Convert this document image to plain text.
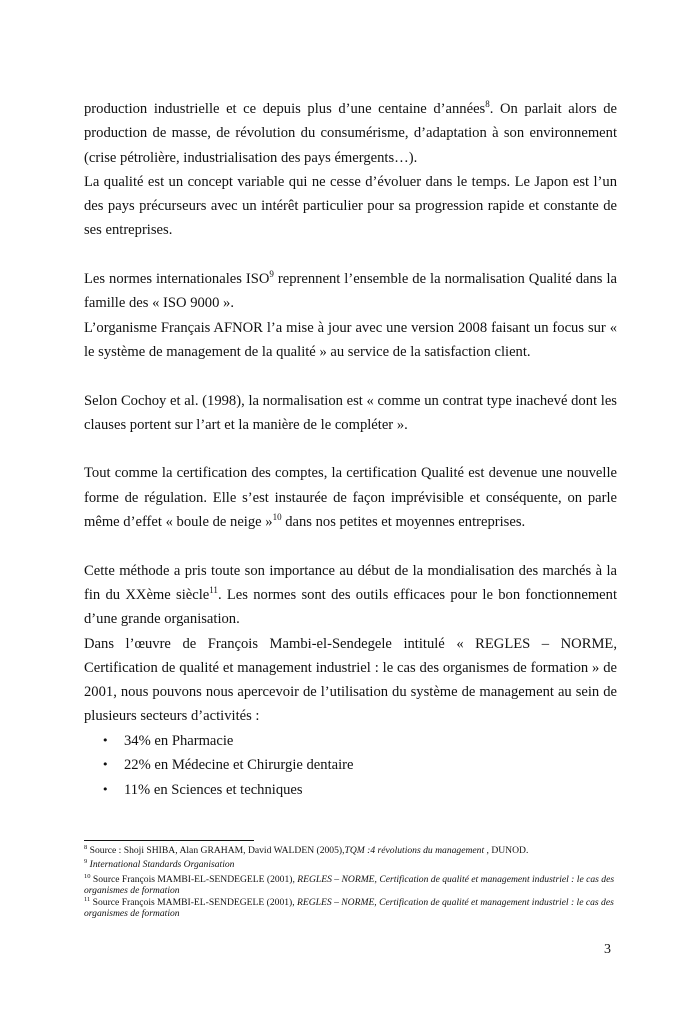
production industrielle et ce depuis plus d’une centaine d’années$^8$. On parlait alors de production de masse, de révolution du consumérisme, d’adaptation à son environnement (crise pétrolière, industrialisation des pays émergents…).

La qualité est un concept variable qui ne cesse d’évoluer dans le temps. Le Japon est l’un des pays précurseurs avec un intérêt particulier pour sa progression rapide et constante de ses entreprises.

Les normes internationales ISO$^9$ reprennent l’ensemble de la normalisation Qualité dans la famille des « ISO 9000 ».

L’organisme Français AFNOR l’a mise à jour avec une version 2008 faisant un focus sur « le système de management de la qualité » au service de la satisfaction client.

Selon Cochoy et al. (1998), la normalisation est « comme un contrat type inachevé dont les clauses portent sur l’art et la manière de le compléter ».

Tout comme la certification des comptes, la certification Qualité est devenue une nouvelle forme de régulation. Elle s’est instaurée de façon imprévisible et conséquente, on parle même d’effet « boule de neige »$^{10}$ dans nos petites et moyennes entreprises.

Cette méthode a pris toute son importance au début de la mondialisation des marchés à la fin du XXème siècle$^{11}$. Les normes sont des outils efficaces pour le bon fonctionnement d’une grande organisation.

Dans l’œuvre de François Mambi-el-Sendegele intitulé « REGLES – NORME, Certification de qualité et management industriel : le cas des organismes de formation » de 2001, nous pouvons nous apercevoir de l’utilisation du système de management au sein de plusieurs secteurs d’activités :

• 34% en Pharmacie
• 22% en Médecine et Chirurgie dentaire
• 11% en Sciences et techniques

$^8$ Source : Shoji SHIBA, Alan GRAHAM, David WALDEN (2005),TQM :4 révolutions du management , DUNOD.

$^9$ International Standards Organisation

$^{10}$ Source François MAMBI-EL-SENDEGELE (2001), REGLES – NORME, Certification de qualité et management industriel : le cas des organismes de formation

$^{11}$ Source François MAMBI-EL-SENDEGELE (2001), REGLES – NORME, Certification de qualité et management industriel : le cas des organismes de formation

3
